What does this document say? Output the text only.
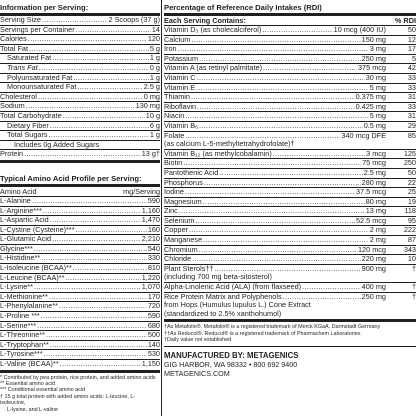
Information per Serving:
Serving Size .....	2 Scoops (37 g)
Servings per Container .....	14
Calories .....	120
Total Fat .....	5 g
Saturated Fat .....	1 g
Trans Fat .....	0 g
Polyunsaturated Fat .....	1 g
Monounsaturated Fat .....	2.5 g
Cholesterol .....	0 mg
Sodium .....	130 mg
Total Carbohydrate .....	10 g
Dietary Fiber .....	6 g
Total Sugars .....	1 g
Includes 0g Added Sugars
Protein .....	13 g†
Typical Amino Acid Profile per Serving:
Amino Acid	mg/Serving
L-Alanine .....	590
L-Arginine*** .....	1,160
L-Aspartic Acid .....	1,470
L-Cystine (Cysteine)*** .....	160
L-Glutamic Acid .....	2,210
Glycine*** .....	540
L-Histidine** .....	330
L-Isoleucine (BCAA)** .....	810
L-Leucine (BCAA)** .....	1,220
L-Lysine** .....	1,070
L-Methionine** .....	170
L-Phenylalanine** .....	720
L-Proline *** .....	590
L-Serine*** .....	680
L-Threonine** .....	500
L-Tryptophan** .....	140
L-Tyrosine*** .....	530
L-Valine (BCAA)** .....	1,150
* Contributed by pea protein, rice protein, and added amino acids
** Essential amino acid
*** Conditional essential amino acid
† 15 g total protein with added amino acids: L-leucine, L-isoleucine,
L-lysine, and L-valine
Percentage of Reference Daily Intakes (RDI)
Each Serving Contains:	% RDI
Vitamin D₃ (as cholecalciferol) .....	10 mcg (400 IU)	50
Calcium .....	150 mg	12
Iron .....	3 mg	17
Potassium .....	250 mg	5
Vitamin A (as retinyl palmitate) .....	375 mcg	42
Vitamin C .....	30 mg	33
Vitamin E .....	5 mg	33
Thiamin .....	0.375 mg	31
Riboflavin .....	0.425 mg	33
Niacin .....	5 mg	31
Vitamin B₆ .....	0.5 mg	29
Folate .....	340 mcg DFE	85
(as calcium L-5-methyltetrahydrofolate)†
Vitamin B₁₂ (as methylcobalamin) .....	3 mcg	125
Biotin .....	75 mcg	250
Pantothenic Acid .....	2.5 mg	50
Phosphorus .....	280 mg	22
Iodine .....	37.5 mcg	25
Magnesium .....	80 mg	19
Zinc .....	13 mg	118
Selenium .....	52.5 mcg	95
Copper .....	2 mg	222
Manganese .....	2 mg	87
Chromium .....	120 mcg	343
Chloride .....	220 mg	10
Plant Sterols†† .....	900 mg	†
(including 700 mg beta-sitosterol)
Alpha-Linolenic Acid (ALA) (from flaxseed) .....	400 mg	†
Rice Protein Matrix and Polyphenols .....	250 mg	†
from Hops (Humulus lupulus L.) Cone Extract
(standardized to 2.5% xanthohumol)
†As Metafolin®. Metafolin® is a registered trademark of Merck KGaA, Darmstadt Germany
††As Reducol®. Reducol® is a registered trademark of Pharmachem Laboratories
†Daily value not established
MANUFACTURED BY: METAGENICS
GIG HARBOR, WA 98332 • 800 692 9400
METAGENICS.COM
